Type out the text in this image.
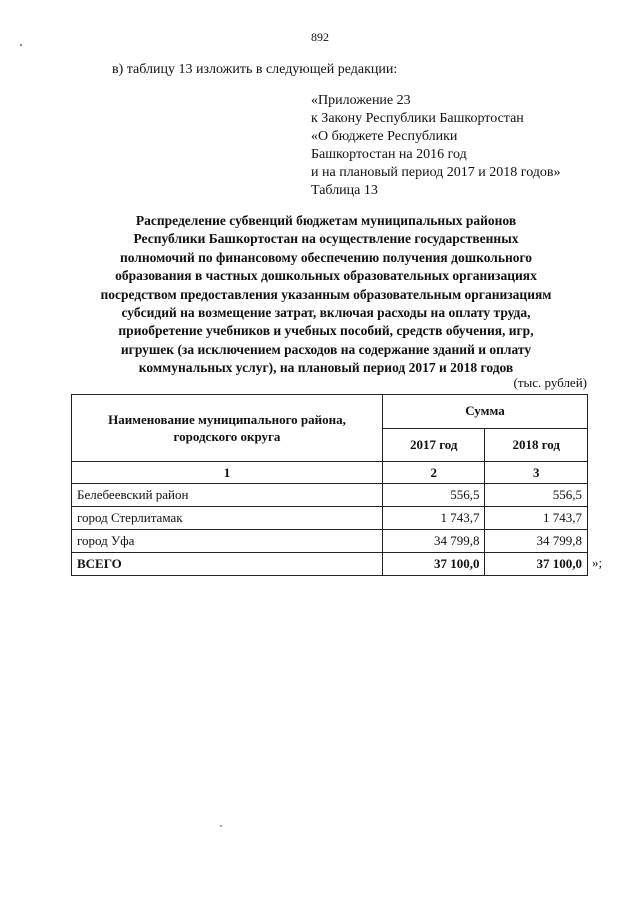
892
в) таблицу 13 изложить в следующей редакции:
«Приложение 23
к Закону Республики Башкортостан
«О бюджете Республики
Башкортостан на 2016 год
и на плановый период 2017 и 2018 годов»
Таблица 13
Распределение субвенций бюджетам муниципальных районов
Республики Башкортостан на осуществление государственных
полномочий по финансовому обеспечению получения дошкольного
образования в частных дошкольных образовательных организациях
посредством предоставления указанным образовательным организациям
субсидий на возмещение затрат, включая расходы на оплату труда,
приобретение учебников и учебных пособий, средств обучения, игр,
игрушек (за исключением расходов на содержание зданий и оплату
коммунальных услуг), на плановый период 2017 и 2018 годов
(тыс. рублей)
Наименование муниципального района, городского округа	Сумма	
	2017 год	2018 год
1	2	3
Белебеевский район	556,5	556,5
город Стерлитамак	1 743,7	1 743,7
город Уфа	34 799,8	34 799,8
ВСЕГО	37 100,0	37 100,0 »;
